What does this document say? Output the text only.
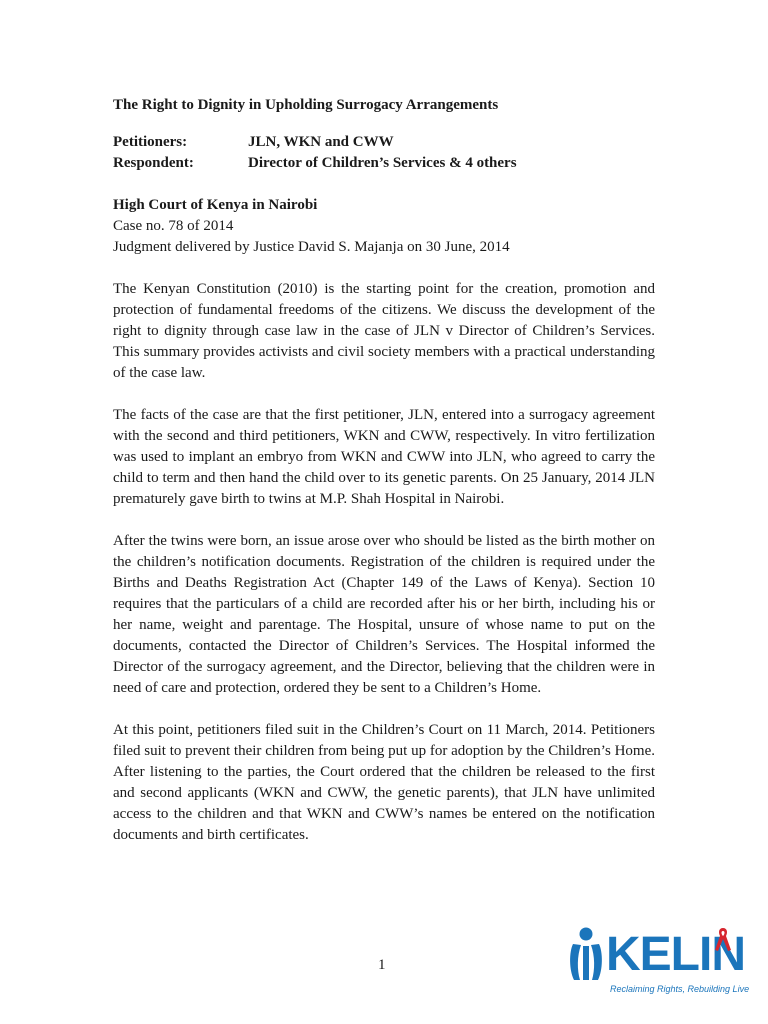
The Right to Dignity in Upholding Surrogacy Arrangements
Petitioners:	JLN, WKN and CWW
Respondent:	Director of Children’s Services & 4 others
High Court of Kenya in Nairobi
Case no. 78 of 2014
Judgment delivered by Justice David S. Majanja on 30 June, 2014

The Kenyan Constitution (2010) is the starting point for the creation, promotion and protection of fundamental freedoms of the citizens. We discuss the development of the right to dignity through case law in the case of JLN v Director of Children’s Services. This summary provides activists and civil society members with a practical understanding of the case law.

The facts of the case are that the first petitioner, JLN, entered into a surrogacy agreement with the second and third petitioners, WKN and CWW, respectively. In vitro fertilization was used to implant an embryo from WKN and CWW into JLN, who agreed to carry the child to term and then hand the child over to its genetic parents. On 25 January, 2014 JLN prematurely gave birth to twins at M.P. Shah Hospital in Nairobi.

After the twins were born, an issue arose over who should be listed as the birth mother on the children’s notification documents. Registration of the children is required under the Births and Deaths Registration Act (Chapter 149 of the Laws of Kenya). Section 10 requires that the particulars of a child are recorded after his or her birth, including his or her name, weight and parentage. The Hospital, unsure of whose name to put on the documents, contacted the Director of Children’s Services. The Hospital informed the Director of the surrogacy agreement, and the Director, believing that the children were in need of care and protection, ordered they be sent to a Children’s Home.

At this point, petitioners filed suit in the Children’s Court on 11 March, 2014. Petitioners filed suit to prevent their children from being put up for adoption by the Children’s Home. After listening to the parties, the Court ordered that the children be released to the first and second applicants (WKN and CWW, the genetic parents), that JLN have unlimited access to the children and that WKN and CWW’s names be entered on the notification documents and birth certificates.

1	KELIN
Reclaiming Rights, Rebuilding Live
